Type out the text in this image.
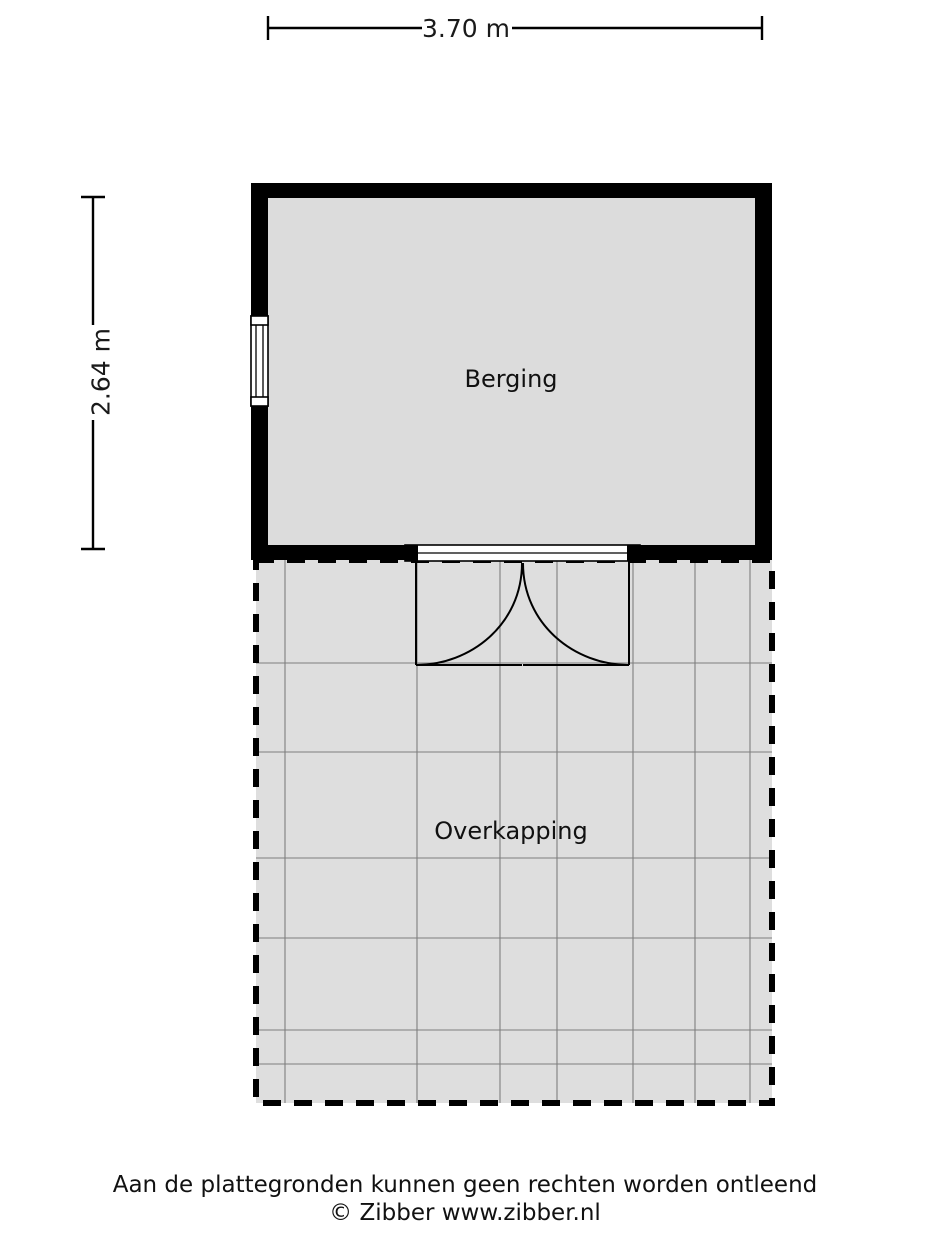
3.70 m
2.64 m	Berging
Overkapping
Aan de plattegronden kunnen geen rechten worden ontleend
© Zibber www.zibber.nl
